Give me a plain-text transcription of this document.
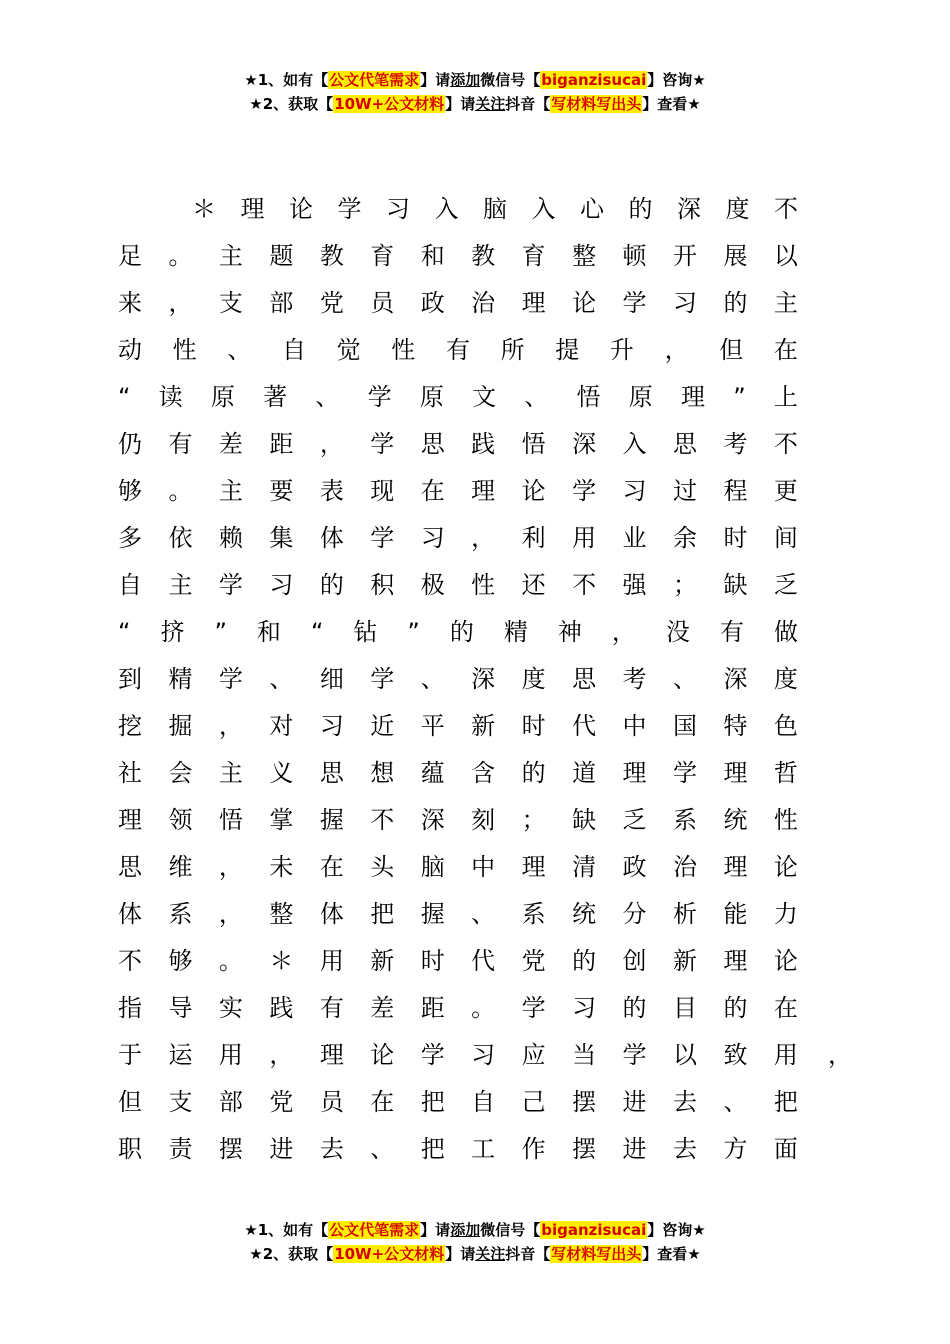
★1、如有【公文代笔需求】请添加微信号【biganzisucai】咨询★
★2、获取【10W+公文材料】请关注抖音【写材料写出头】查看★
＊ 理 论 学 习 入 脑 入 心 的 深 度 不
足 。 主 题 教 育 和 教 育 整 顿 开 展 以
来 ， 支 部 党 员 政 治 理 论 学 习 的 主
动 性 、 自 觉 性 有 所 提 升 ， 但 在
“ 读 原 著 、 学 原 文 、 悟 原 理 ” 上
仍 有 差 距 ， 学 思 践 悟 深 入 思 考 不
够 。 主 要 表 现 在 理 论 学 习 过 程 更
多 依 赖 集 体 学 习 ， 利 用 业 余 时 间
自 主 学 习 的 积 极 性 还 不 强 ； 缺 乏
“ 挤 ” 和 “ 钻 ” 的 精 神 ， 没 有 做
到 精 学 、 细 学 、 深 度 思 考 、 深 度
挖 掘 ， 对 习 近 平 新 时 代 中 国 特 色
社 会 主 义 思 想 蕴 含 的 道 理 学 理 哲
理 领 悟 掌 握 不 深 刻 ； 缺 乏 系 统 性
思 维 ， 未 在 头 脑 中 理 清 政 治 理 论
体 系 ， 整 体 把 握 、 系 统 分 析 能 力
不 够 。 ＊ 用 新 时 代 党 的 创 新 理 论
指 导 实 践 有 差 距 。 学 习 的 目 的 在
于 运 用 ， 理 论 学 习 应 当 学 以 致 用
但 支 部 党 员 在 把 自 己 摆 进 去 、 把
职 责 摆 进 去 、 把 工 作 摆 进 去 方 面
，
★1、如有【公文代笔需求】请添加微信号【biganzisucai】咨询★
★2、获取【10W+公文材料】请关注抖音【写材料写出头】查看★
